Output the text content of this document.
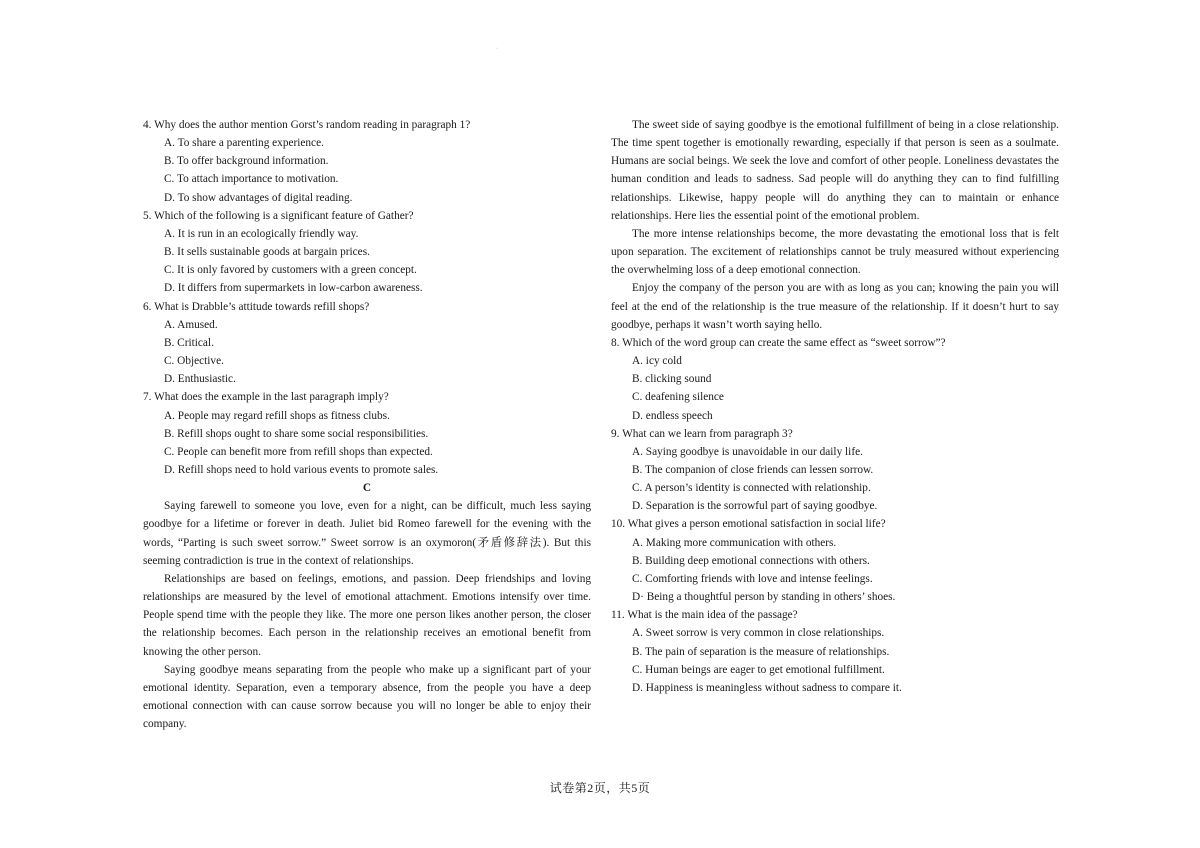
·
4. Why does the author mention Gorst’s random reading in paragraph 1?
A. To share a parenting experience.
B. To offer background information.
C. To attach importance to motivation.
D. To show advantages of digital reading.
5. Which of the following is a significant feature of Gather?
A. It is run in an ecologically friendly way.
B. It sells sustainable goods at bargain prices.
C. It is only favored by customers with a green concept.
D. It differs from supermarkets in low-carbon awareness.
6. What is Drabble’s attitude towards refill shops?
A. Amused.
B. Critical.
C. Objective.
D. Enthusiastic.
7. What does the example in the last paragraph imply?
A. People may regard refill shops as fitness clubs.
B. Refill shops ought to share some social responsibilities.
C. People can benefit more from refill shops than expected.
D. Refill shops need to hold various events to promote sales.
C
Saying farewell to someone you love, even for a night, can be difficult, much less saying goodbye for a lifetime or forever in death. Juliet bid Romeo farewell for the evening with the words, “Parting is such sweet sorrow.” Sweet sorrow is an oxymoron(矛盾修辞法). But this seeming contradiction is true in the context of relationships.
Relationships are based on feelings, emotions, and passion. Deep friendships and loving relationships are measured by the level of emotional attachment. Emotions intensify over time. People spend time with the people they like. The more one person likes another person, the closer the relationship becomes. Each person in the relationship receives an emotional benefit from knowing the other person.
Saying goodbye means separating from the people who make up a significant part of your emotional identity. Separation, even a temporary absence, from the people you have a deep emotional connection with can cause sorrow because you will no longer be able to enjoy their company.
The sweet side of saying goodbye is the emotional fulfillment of being in a close relationship. The time spent together is emotionally rewarding, especially if that person is seen as a soulmate. Humans are social beings. We seek the love and comfort of other people. Loneliness devastates the human condition and leads to sadness. Sad people will do anything they can to find fulfilling relationships. Likewise, happy people will do anything they can to maintain or enhance relationships. Here lies the essential point of the emotional problem.
The more intense relationships become, the more devastating the emotional loss that is felt upon separation. The excitement of relationships cannot be truly measured without experiencing the overwhelming loss of a deep emotional connection.
Enjoy the company of the person you are with as long as you can; knowing the pain you will feel at the end of the relationship is the true measure of the relationship. If it doesn’t hurt to say goodbye, perhaps it wasn’t worth saying hello.
8. Which of the word group can create the same effect as “sweet sorrow”?
A. icy cold
B. clicking sound
C. deafening silence
D. endless speech
9. What can we learn from paragraph 3?
A. Saying goodbye is unavoidable in our daily life.
B. The companion of close friends can lessen sorrow.
C. A person’s identity is connected with relationship.
D. Separation is the sorrowful part of saying goodbye.
10. What gives a person emotional satisfaction in social life?
A. Making more communication with others.
B. Building deep emotional connections with others.
C. Comforting friends with love and intense feelings.
D· Being a thoughtful person by standing in others’ shoes.
11. What is the main idea of the passage?
A. Sweet sorrow is very common in close relationships.
B. The pain of separation is the measure of relationships.
C. Human beings are eager to get emotional fulfillment.
D. Happiness is meaningless without sadness to compare it.
试卷第2页，共5页
